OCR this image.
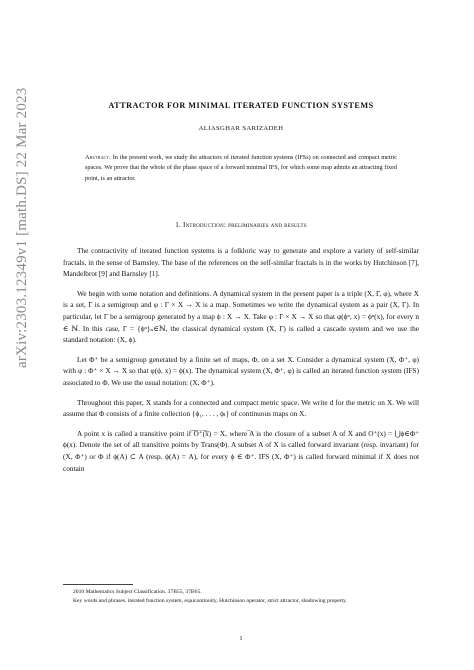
arXiv:2303.12349v1 [math.DS] 22 Mar 2023	ATTRACTOR FOR MINIMAL ITERATED FUNCTION SYSTEMS
ALIASGHAR SARIZADEH
Abstract. In the present work, we study the attractors of iterated function systems (IFSs) on connected and compact metric spaces. We prove that the whole of the phase space of a forward minimal IFS, for which some map admits an attracting fixed point, is an attractor.
1. Introduction: preliminaries and results

The contractivity of iterated function systems is a folkloric way to generate and explore a variety of self-similar fractals, in the sense of Barnsley. The base of the references on the self-similar fractals is in the works by Hutchinson [7], Mandelbrot [9] and Barnsley [1].

We begin with some notation and definitions. A dynamical system in the present paper is a triple (X, Γ, φ), where X is a set, Γ is a semigroup and φ : Γ × X → X is a map. Sometimes we write the dynamical system as a pair (X, Γ). In particular, let Γ be a semigroup generated by a map ϕ : X → X. Take φ : Γ × X → X so that φ(ϕⁿ, x) = ϕⁿ(x), for every n ∈ ℕ. In this case, Γ = {ϕⁿ}ₙ∈ℕ, the classical dynamical system (X, Γ) is called a cascade system and we use the standard notation: (X, ϕ).

Let Φ⁺ be a semigroup generated by a finite set of maps, Φ, on a set X. Consider a dynamical system (X, Φ⁺, φ) with φ : Φ⁺ × X → X so that φ(ϕ, x) = ϕ(x). The dynamical system (X, Φ⁺, φ) is called an iterated function system (IFS) associated to Φ. We use the usual notation: (X, Φ⁺).

Throughout this paper, X stands for a connected and compact metric space. We write d for the metric on X. We will assume that Φ consists of a finite collection {ϕ₁, . . . , ϕₗ} of continuous maps on X.

A point x is called a transitive point if ̅O̅⁺̅(̅x̅) = X, where ̅A is the closure of a subset A of X and O⁺(x) = ⋃ϕ∈Φ⁺ ϕ(x). Denote the set of all transitive points by Trans(Φ). A subset A of X is called forward invariant (resp. invariant) for (X, Φ⁺) or Φ if ϕ(A) ⊂ A (resp. ϕ(A) = A), for every ϕ ∈ Φ⁺. IFS (X, Φ⁺) is called forward minimal if X does not contain

2010 Mathematics Subject Classification. 37B55, 37B65.
Key words and phrases. iterated function system, equicontinuity, Hutchinson operator, strict attractor, shadowing property.
1
